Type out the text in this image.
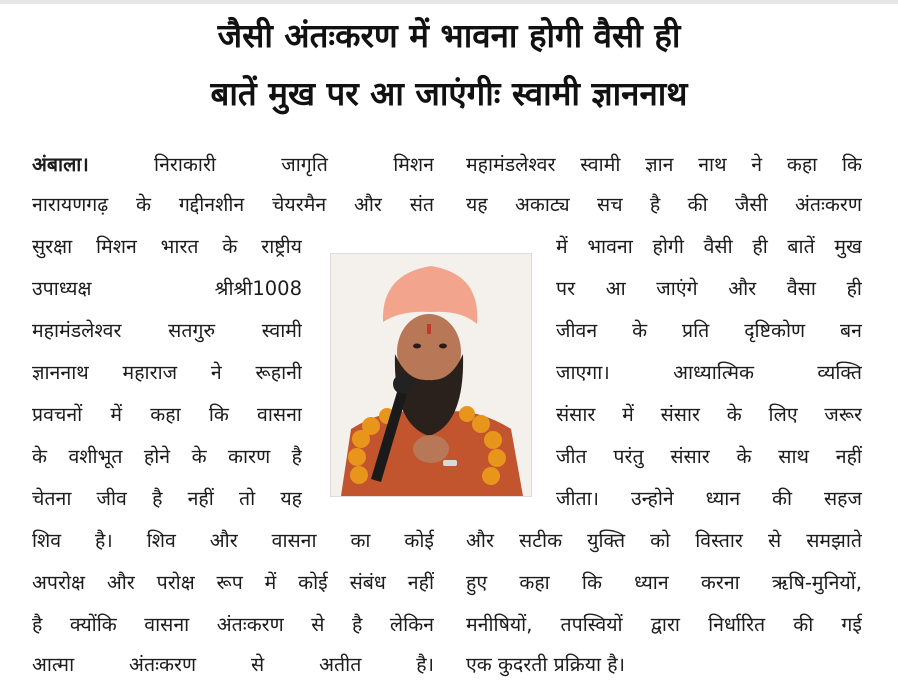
जैसी अंतःकरण में भावना होगी वैसी ही
बातें मुख पर आ जाएंगीः स्वामी ज्ञाननाथ
अंबाला।	निराकारी जागृति मिशन
नारायणगढ़ के गद्दीनशीन चेयरमैन और संत
सुरक्षा मिशन भारत के राष्ट्रीय
उपाध्यक्ष श्रीश्री1008
महामंडलेश्वर सतगुरु स्वामी
ज्ञाननाथ महाराज ने रूहानी
प्रवचनों में कहा कि वासना
के वशीभूत होने के कारण है
चेतना जीव है नहीं तो यह
शिव है। शिव और वासना का कोई
अपरोक्ष और परोक्ष रूप में कोई संबंध नहीं
है क्योंकि वासना अंतःकरण से है लेकिन
आत्मा अंतःकरण से अतीत है।
महामंडलेश्वर स्वामी ज्ञान नाथ ने कहा कि
यह अकाट्य सच है की जैसी अंतःकरण
में भावना होगी वैसी ही बातें मुख
पर आ जाएंगे और वैसा ही
जीवन के प्रति दृष्टिकोण बन
जाएगा। आध्यात्मिक व्यक्ति
संसार में संसार के लिए जरूर
जीत परंतु संसार के साथ नहीं
जीता। उन्होने ध्यान की सहज
और सटीक युक्ति को विस्तार से समझाते
हुए कहा कि ध्यान करना ऋषि-मुनियों,
मनीषियों, तपस्वियों द्वारा निर्धारित की गई
एक कुदरती प्रक्रिया है।
